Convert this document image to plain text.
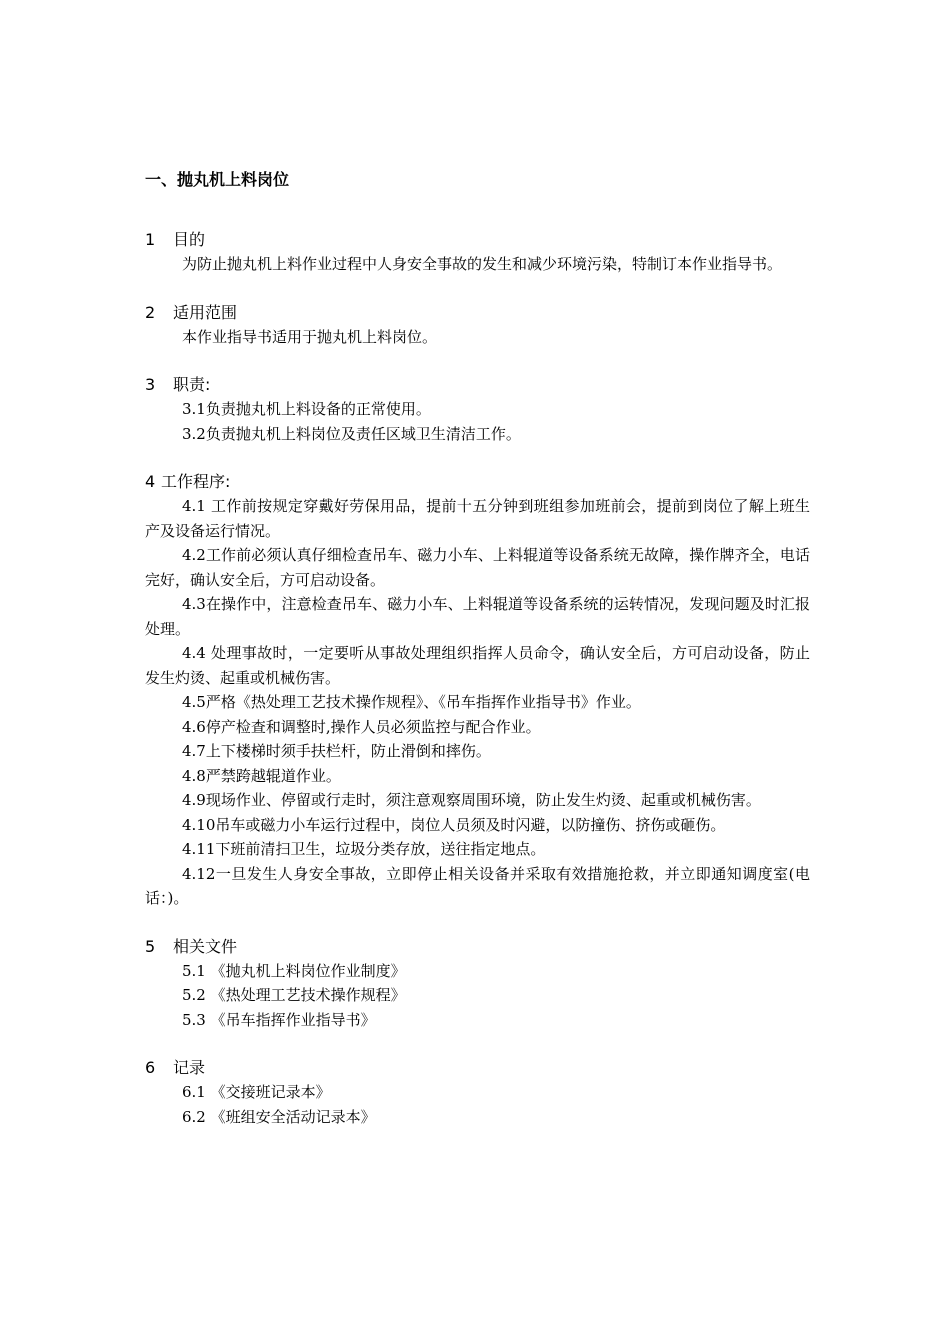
一、抛丸机上料岗位
1 目的

为防止抛丸机上料作业过程中人身安全事故的发生和减少环境污染，特制订本作业指导书。

2 适用范围

本作业指导书适用于抛丸机上料岗位。

3 职责:

3.1负责抛丸机上料设备的正常使用。

3.2负责抛丸机上料岗位及责任区域卫生清洁工作。

4 工作程序:

4.1 工作前按规定穿戴好劳保用品，提前十五分钟到班组参加班前会，提前到岗位了解上班生产及设备运行情况。

4.2工作前必须认真仔细检查吊车、磁力小车、上料辊道等设备系统无故障，操作牌齐全，电话完好，确认安全后，方可启动设备。

4.3在操作中，注意检查吊车、磁力小车、上料辊道等设备系统的运转情况，发现问题及时汇报处理。

4.4 处理事故时，一定要听从事故处理组织指挥人员命令，确认安全后，方可启动设备，防止发生灼烫、起重或机械伤害。

4.5严格《热处理工艺技术操作规程》、《吊车指挥作业指导书》作业。

4.6停产检查和调整时,操作人员必须监控与配合作业。

4.7上下楼梯时须手扶栏杆，防止滑倒和摔伤。

4.8严禁跨越辊道作业。

4.9现场作业、停留或行走时，须注意观察周围环境，防止发生灼烫、起重或机械伤害。

4.10吊车或磁力小车运行过程中，岗位人员须及时闪避，以防撞伤、挤伤或砸伤。

4.11下班前清扫卫生，垃圾分类存放，送往指定地点。

4.12一旦发生人身安全事故，立即停止相关设备并采取有效措施抢救，并立即通知调度室(电话：)。

5 相关文件

5.1 《抛丸机上料岗位作业制度》

5.2 《热处理工艺技术操作规程》

5.3 《吊车指挥作业指导书》

6 记录

6.1 《交接班记录本》

6.2 《班组安全活动记录本》
